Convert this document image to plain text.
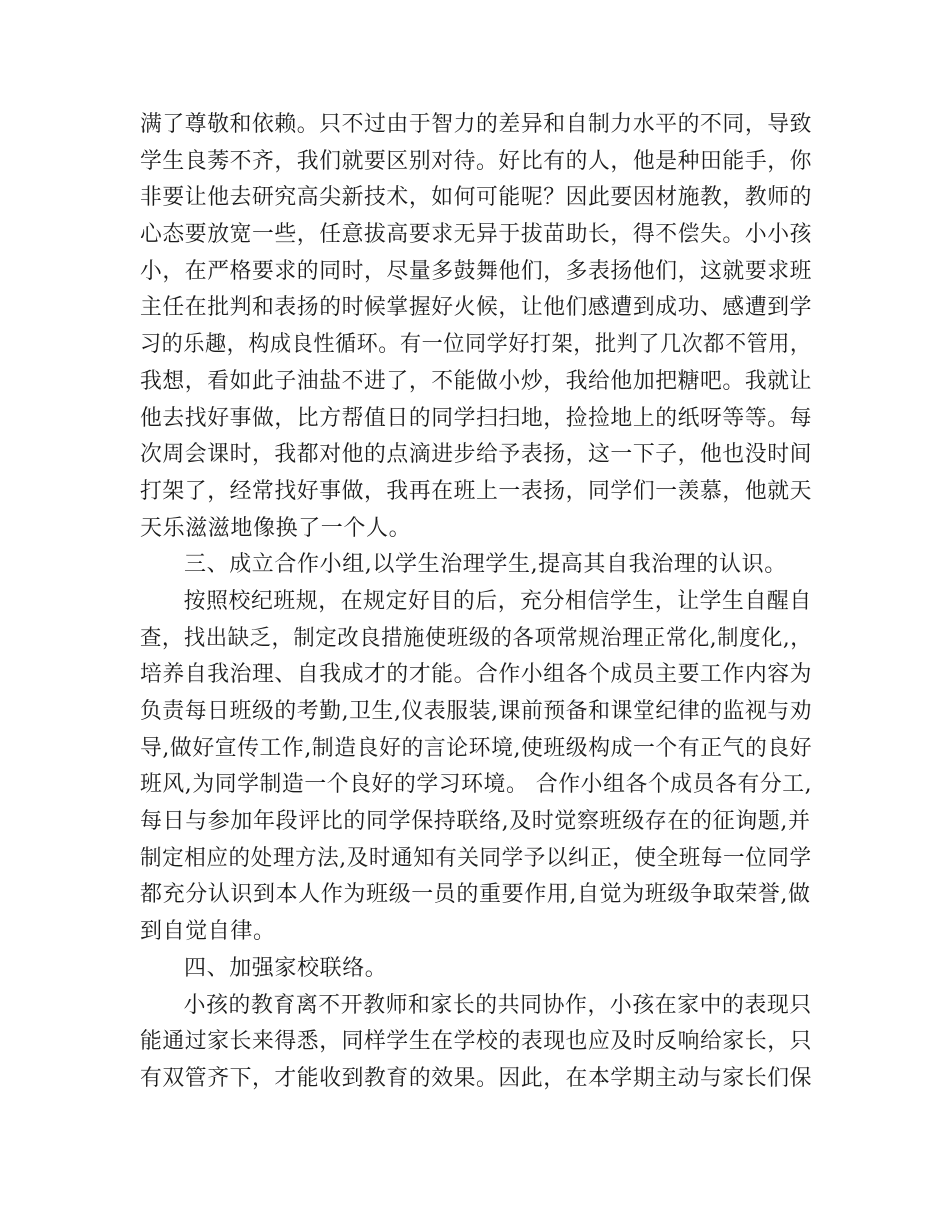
满了尊敬和依赖。只不过由于智力的差异和自制力水平的不同，导致
学生良莠不齐，我们就要区别对待。好比有的人，他是种田能手，你
非要让他去研究高尖新技术，如何可能呢？因此要因材施教，教师的
心态要放宽一些，任意拔高要求无异于拔苗助长，得不偿失。小小孩
小，在严格要求的同时，尽量多鼓舞他们，多表扬他们，这就要求班
主任在批判和表扬的时候掌握好火候，让他们感遭到成功、感遭到学
习的乐趣，构成良性循环。有一位同学好打架，批判了几次都不管用，
我想，看如此子油盐不进了，不能做小炒，我给他加把糖吧。我就让
他去找好事做，比方帮值日的同学扫扫地，捡捡地上的纸呀等等。每
次周会课时，我都对他的点滴进步给予表扬，这一下子，他也没时间
打架了，经常找好事做，我再在班上一表扬，同学们一羡慕，他就天
天乐滋滋地像换了一个人。
三、成立合作小组,以学生治理学生,提高其自我治理的认识。
按照校纪班规，在规定好目的后，充分相信学生，让学生自醒自
查，找出缺乏，制定改良措施使班级的各项常规治理正常化,制度化,，
培养自我治理、自我成才的才能。合作小组各个成员主要工作内容为
负责每日班级的考勤,卫生,仪表服装,课前预备和课堂纪律的监视与劝
导,做好宣传工作,制造良好的言论环境,使班级构成一个有正气的良好
班风,为同学制造一个良好的学习环境。 合作小组各个成员各有分工,
每日与参加年段评比的同学保持联络,及时觉察班级存在的征询题,并
制定相应的处理方法,及时通知有关同学予以纠正，使全班每一位同学
都充分认识到本人作为班级一员的重要作用,自觉为班级争取荣誉,做
到自觉自律。
四、加强家校联络。
小孩的教育离不开教师和家长的共同协作，小孩在家中的表现只
能通过家长来得悉，同样学生在学校的表现也应及时反响给家长，只
有双管齐下，才能收到教育的效果。因此，在本学期主动与家长们保
